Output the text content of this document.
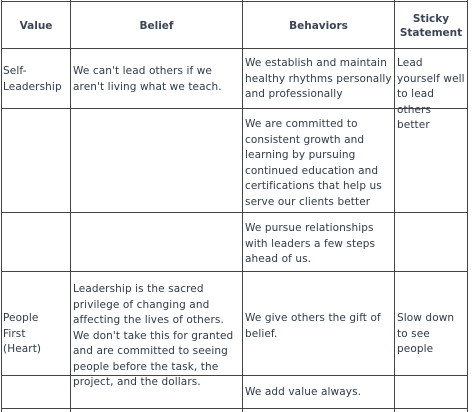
Value	Belief	Behaviors
Sticky Statement
Self-Leadership
We can't lead others if we aren't living what we teach.
We establish and maintain healthy rhythms personally and professionally
Lead yourself well to lead others better
We are committed to consistent growth and learning by pursuing continued education and certifications that help us serve our clients better
We pursue relationships with leaders a few steps ahead of us.
People First (Heart)
Leadership is the sacred privilege of changing and affecting the lives of others. We don't take this for granted and are committed to seeing people before the task, the project, and the dollars.
We give others the gift of belief.
Slow down to see people
We add value always.
